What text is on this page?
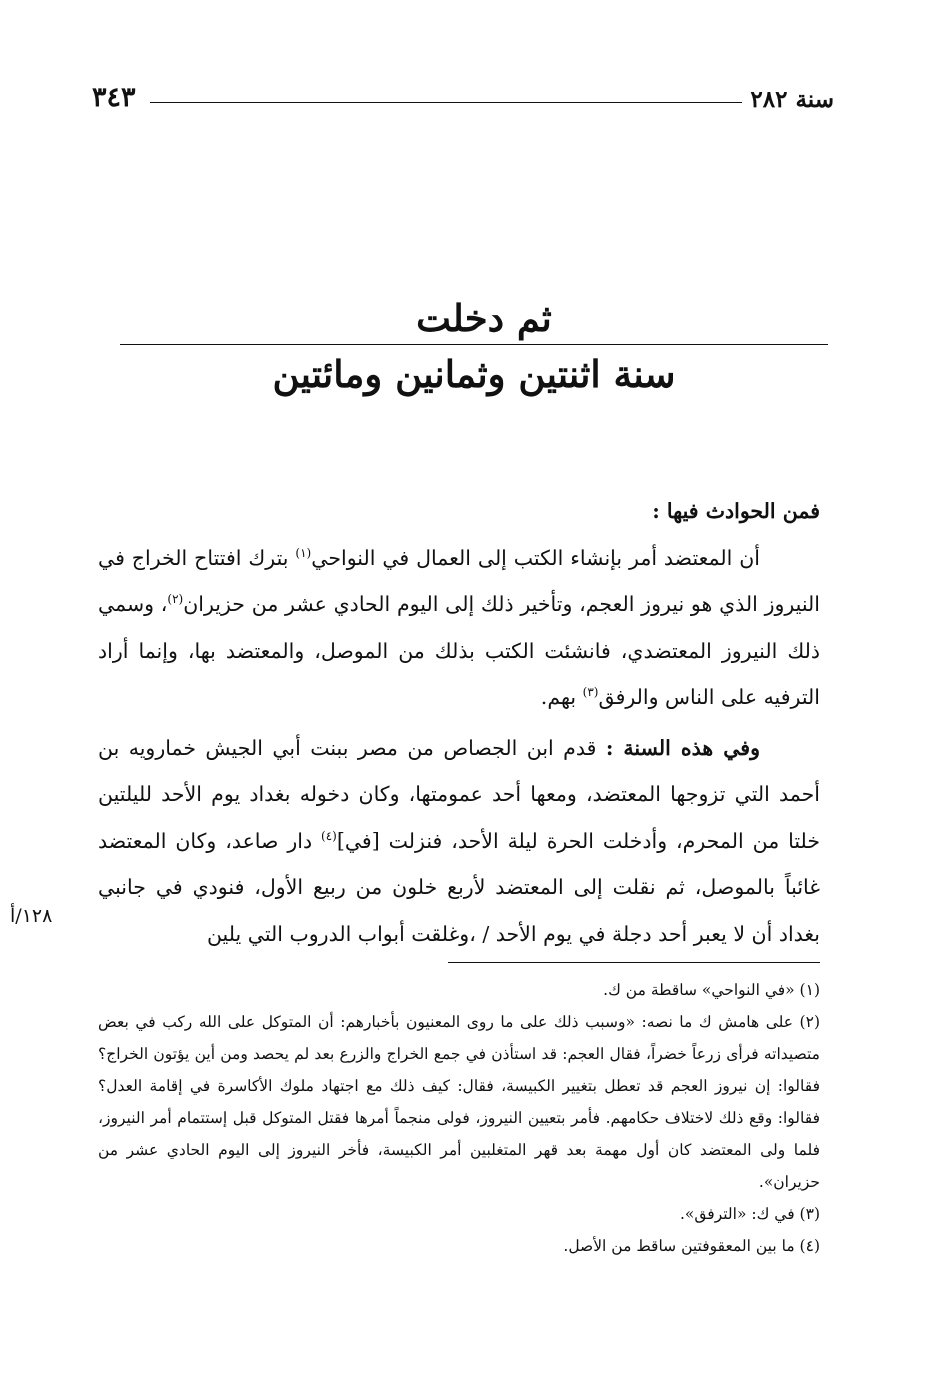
سنة ٢٨٢
٣٤٣
ثم دخلت
سنة اثنتين وثمانين ومائتين

فمن الحوادث فيها :

أن المعتضد أمر بإنشاء الكتب إلى العمال في النواحي$^{(١)}$ بترك افتتاح الخراج في النيروز الذي هو نيروز العجم، وتأخير ذلك إلى اليوم الحادي عشر من حزيران$^{(٢)}$، وسمي ذلك النيروز المعتضدي، فانشئت الكتب بذلك من الموصل، والمعتضد بها، وإنما أراد الترفيه على الناس والرفق$^{(٣)}$ بهم.

وفي هذه السنة : قدم ابن الجصاص من مصر ببنت أبي الجيش خمارويه بن أحمد التي تزوجها المعتضد، ومعها أحد عمومتها، وكان دخوله بغداد يوم الأحد لليلتين خلتا من المحرم، وأدخلت الحرة ليلة الأحد، فنزلت [في]$^{(٤)}$ دار صاعد، وكان المعتضد غائباً بالموصل، ثم نقلت إلى المعتضد لأربع خلون من ربيع الأول، فنودي في جانبي بغداد أن لا يعبر أحد دجلة في يوم الأحد / ،وغلقت أبواب الدروب التي يلين

١٢٨/أ

(١) «في النواحي» ساقطة من ك.

(٢) على هامش ك ما نصه: «وسبب ذلك على ما روى المعنيون بأخبارهم: أن المتوكل على الله ركب في بعض متصيداته فرأى زرعاً خضراً، فقال العجم: قد استأذن في جمع الخراج والزرع بعد لم يحصد ومن أين يؤتون الخراج؟ فقالوا: إن نيروز العجم قد تعطل بتغيير الكبيسة، فقال: كيف ذلك مع اجتهاد ملوك الأكاسرة في إقامة العدل؟ فقالوا: وقع ذلك لاختلاف حكامهم. فأمر بتعيين النيروز، فولى منجماً أمرها فقتل المتوكل قبل إستتمام أمر النيروز، فلما ولى المعتضد كان أول مهمة بعد قهر المتغلبين أمر الكبيسة، فأخر النيروز إلى اليوم الحادي عشر من حزيران».

(٣) في ك: «الترفق».

(٤) ما بين المعقوفتين ساقط من الأصل.
